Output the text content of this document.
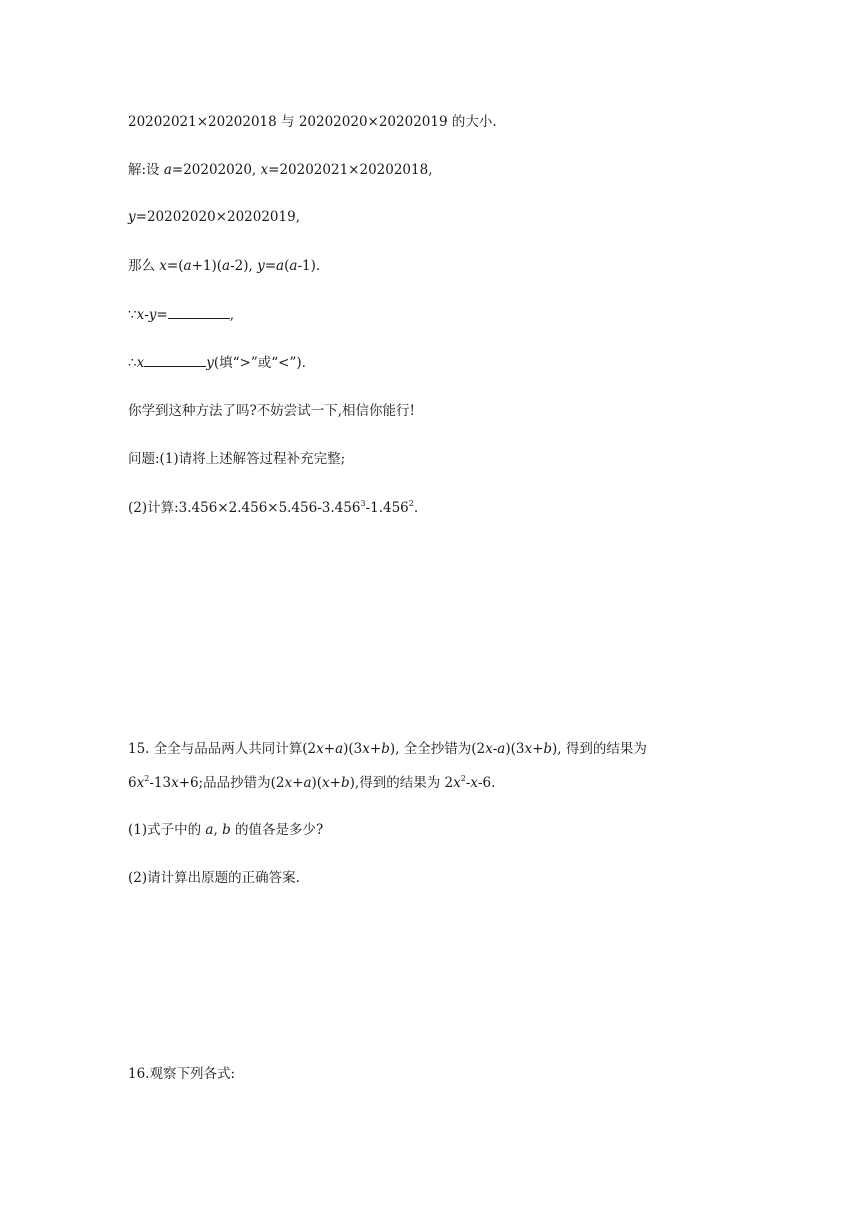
20202021×20202018 与 20202020×20202019 的大小.
解:设 a=20202020, x=20202021×20202018,
y=20202020×20202019,
那么 x=(a+1)(a-2), y=a(a-1).
∵x-y=	,
∴x	y(填“>”或“<”).
你学到这种方法了吗?不妨尝试一下,相信你能行!
问题:(1)请将上述解答过程补充完整;
(2)计算$:3.456\times 2.456\times 5.456-3.456^3-1.456^2$.
15. 全全与品品两人共同计算(2x+a)(3x+b), 全全抄错为(2x-a)(3x+b), 得到的结果为
$6x^2-13x+6$;品品抄错为(2x+a)(x+b),得到的结果为 $2x^2-x-6$.
(1)式子中的 a, b 的值各是多少?
(2)请计算出原题的正确答案.
16.观察下列各式:
